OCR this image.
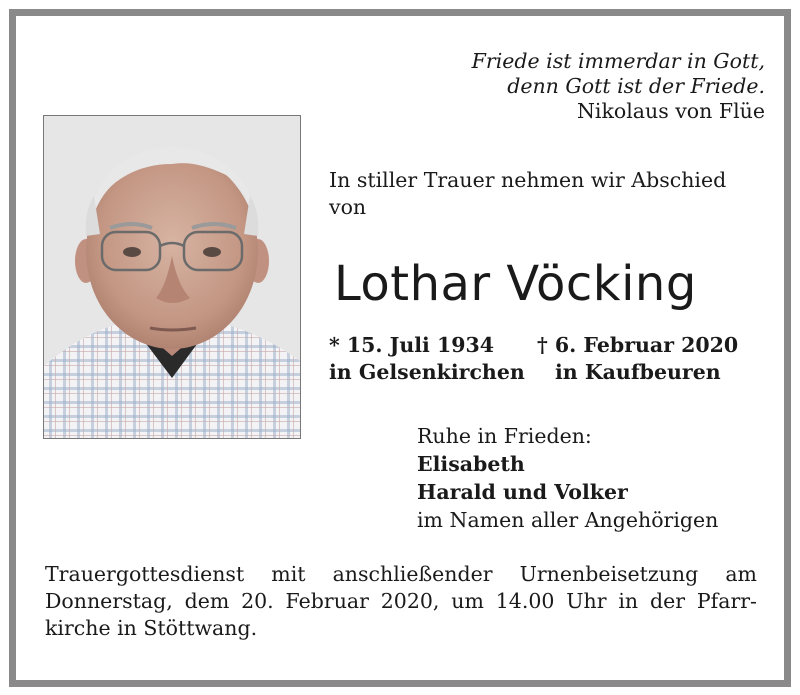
Friede ist immerdar in Gott,
denn Gott ist der Friede.
Nikolaus von Flüe
In stiller Trauer nehmen wir Abschied
von
Lothar Vöcking
* 15. Juli 1934
in Gelsenkirchen
† 6. Februar 2020
in Kaufbeuren
Ruhe in Frieden:
Elisabeth
Harald und Volker
im Namen aller Angehörigen
Trauergottesdienst mit anschließender Urnenbeisetzung am
Donnerstag, dem 20. Februar 2020, um 14.00 Uhr in der Pfarr-
kirche in Stöttwang.
